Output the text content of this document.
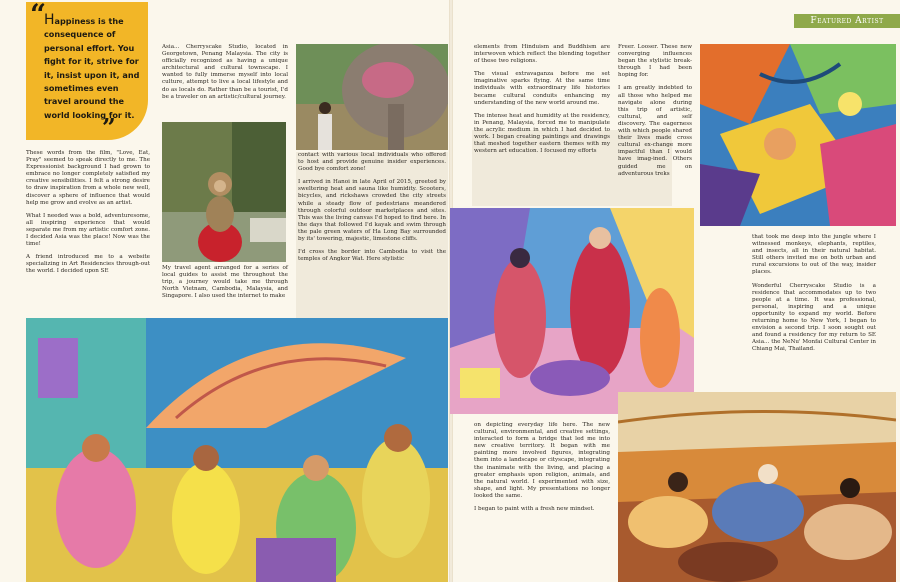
“
Happiness is the consequence of personal effort. You fight for it, strive for it, insist upon it, and sometimes even travel around the world looking for it.
”

These words from the film, "Love, Eat, Pray" seemed to speak directly to me. The Expressionist background I had grown to embrace no longer completely satisfied my creative sensibilities. I felt a strong desire to draw inspiration from a whole new well, discover a sphere of influence that would help me grow and evolve as an artist.

What I needed was a bold, adventuresome, all inspiring experience that would separate me from my artistic comfort zone. I decided Asia was the place! Now was the time!

A friend introduced me to a website specializing in Art Residencies through-out the world. I decided upon SE

Asia... Cherryscake Studio, located in Georgetown, Penang Malaysia. The city is officially recognized as having a unique architectural and cultural townscape. I wanted to fully immerse myself into local culture, attempt to live a local lifestyle and do as locals do. Rather than be a tourist, I'd be a traveler on an artistic/cultural journey.

My travel agent arranged for a series of local guides to assist me throughout the trip, a journey would take me through North Vietnam, Cambodia, Malaysia, and Singapore. I also used the internet to make

contact with various local individuals who offered to host and provide genuine insider experiences. Good bye comfort zone!

I arrived in Hanoi in late April of 2015, greeted by sweltering heat and sauna like humidity. Scooters, bicycles, and rickshaws crowded the city streets while a steady flow of pedestrians meandered through colorful outdoor marketplaces and sites. This was the living canvas I'd hoped to find here. In the days that followed I'd kayak and swim through the pale green waters of Ha Long Bay surrounded by its' towering, majestic, limestone cliffs.

I'd cross the border into Cambodia to visit the temples of Angkor Wat. Here stylistic

elements from Hinduism and Buddhism are interwoven which reflect the blending together of these two religions.

The visual extravaganza before me set imaginative sparks flying. At the same time individuals with extraordinary life histories became cultural conduits enhancing my understanding of the new world around me.

The intense heat and humidity at the residency, in Penang, Malaysia, forced me to manipulate the acrylic medium in which I had decided to work. I began creating paintings and drawings that meshed together eastern themes with my western art education. I focused my efforts

Freer. Looser. These new converging influences began the stylistic break-through I had been hoping for.

I am greatly indebted to all those who helped me navigate alone during this trip of artistic, cultural, and self discovery. The eagerness with which people shared their lives made cross cultural ex-change more impactful than I would have imag-ined. Others guided me on adventurous treks

Featured Artist

on depicting everyday life here. The new cultural, environmental, and creative settings, interacted to form a bridge that led me into new creative territory. It began with me painting more involved figures, integrating them into a landscape or cityscape, integrating the inanimate with the living, and placing a greater emphasis upon religion, animals, and the natural world. I experimented with size, shape, and light. My presentations no longer looked the same.

I began to paint with a fresh new mindset.

that took me deep into the jungle where I witnessed monkeys, elephants, reptiles, and insects, all in their natural habitat. Still others invited me on both urban and rural excursions to out of the way, insider places.

Wonderful Cherryscake Studio is a residence that accommodates up to two people at a time. It was professional, personal, inspiring and a unique opportunity to expand my world. Before returning home to New York, I began to envision a second trip. I soon sought out and found a residency for my return to SE Asia... the NeNu' Monfai Cultural Center in Chiang Mai, Thailand.
